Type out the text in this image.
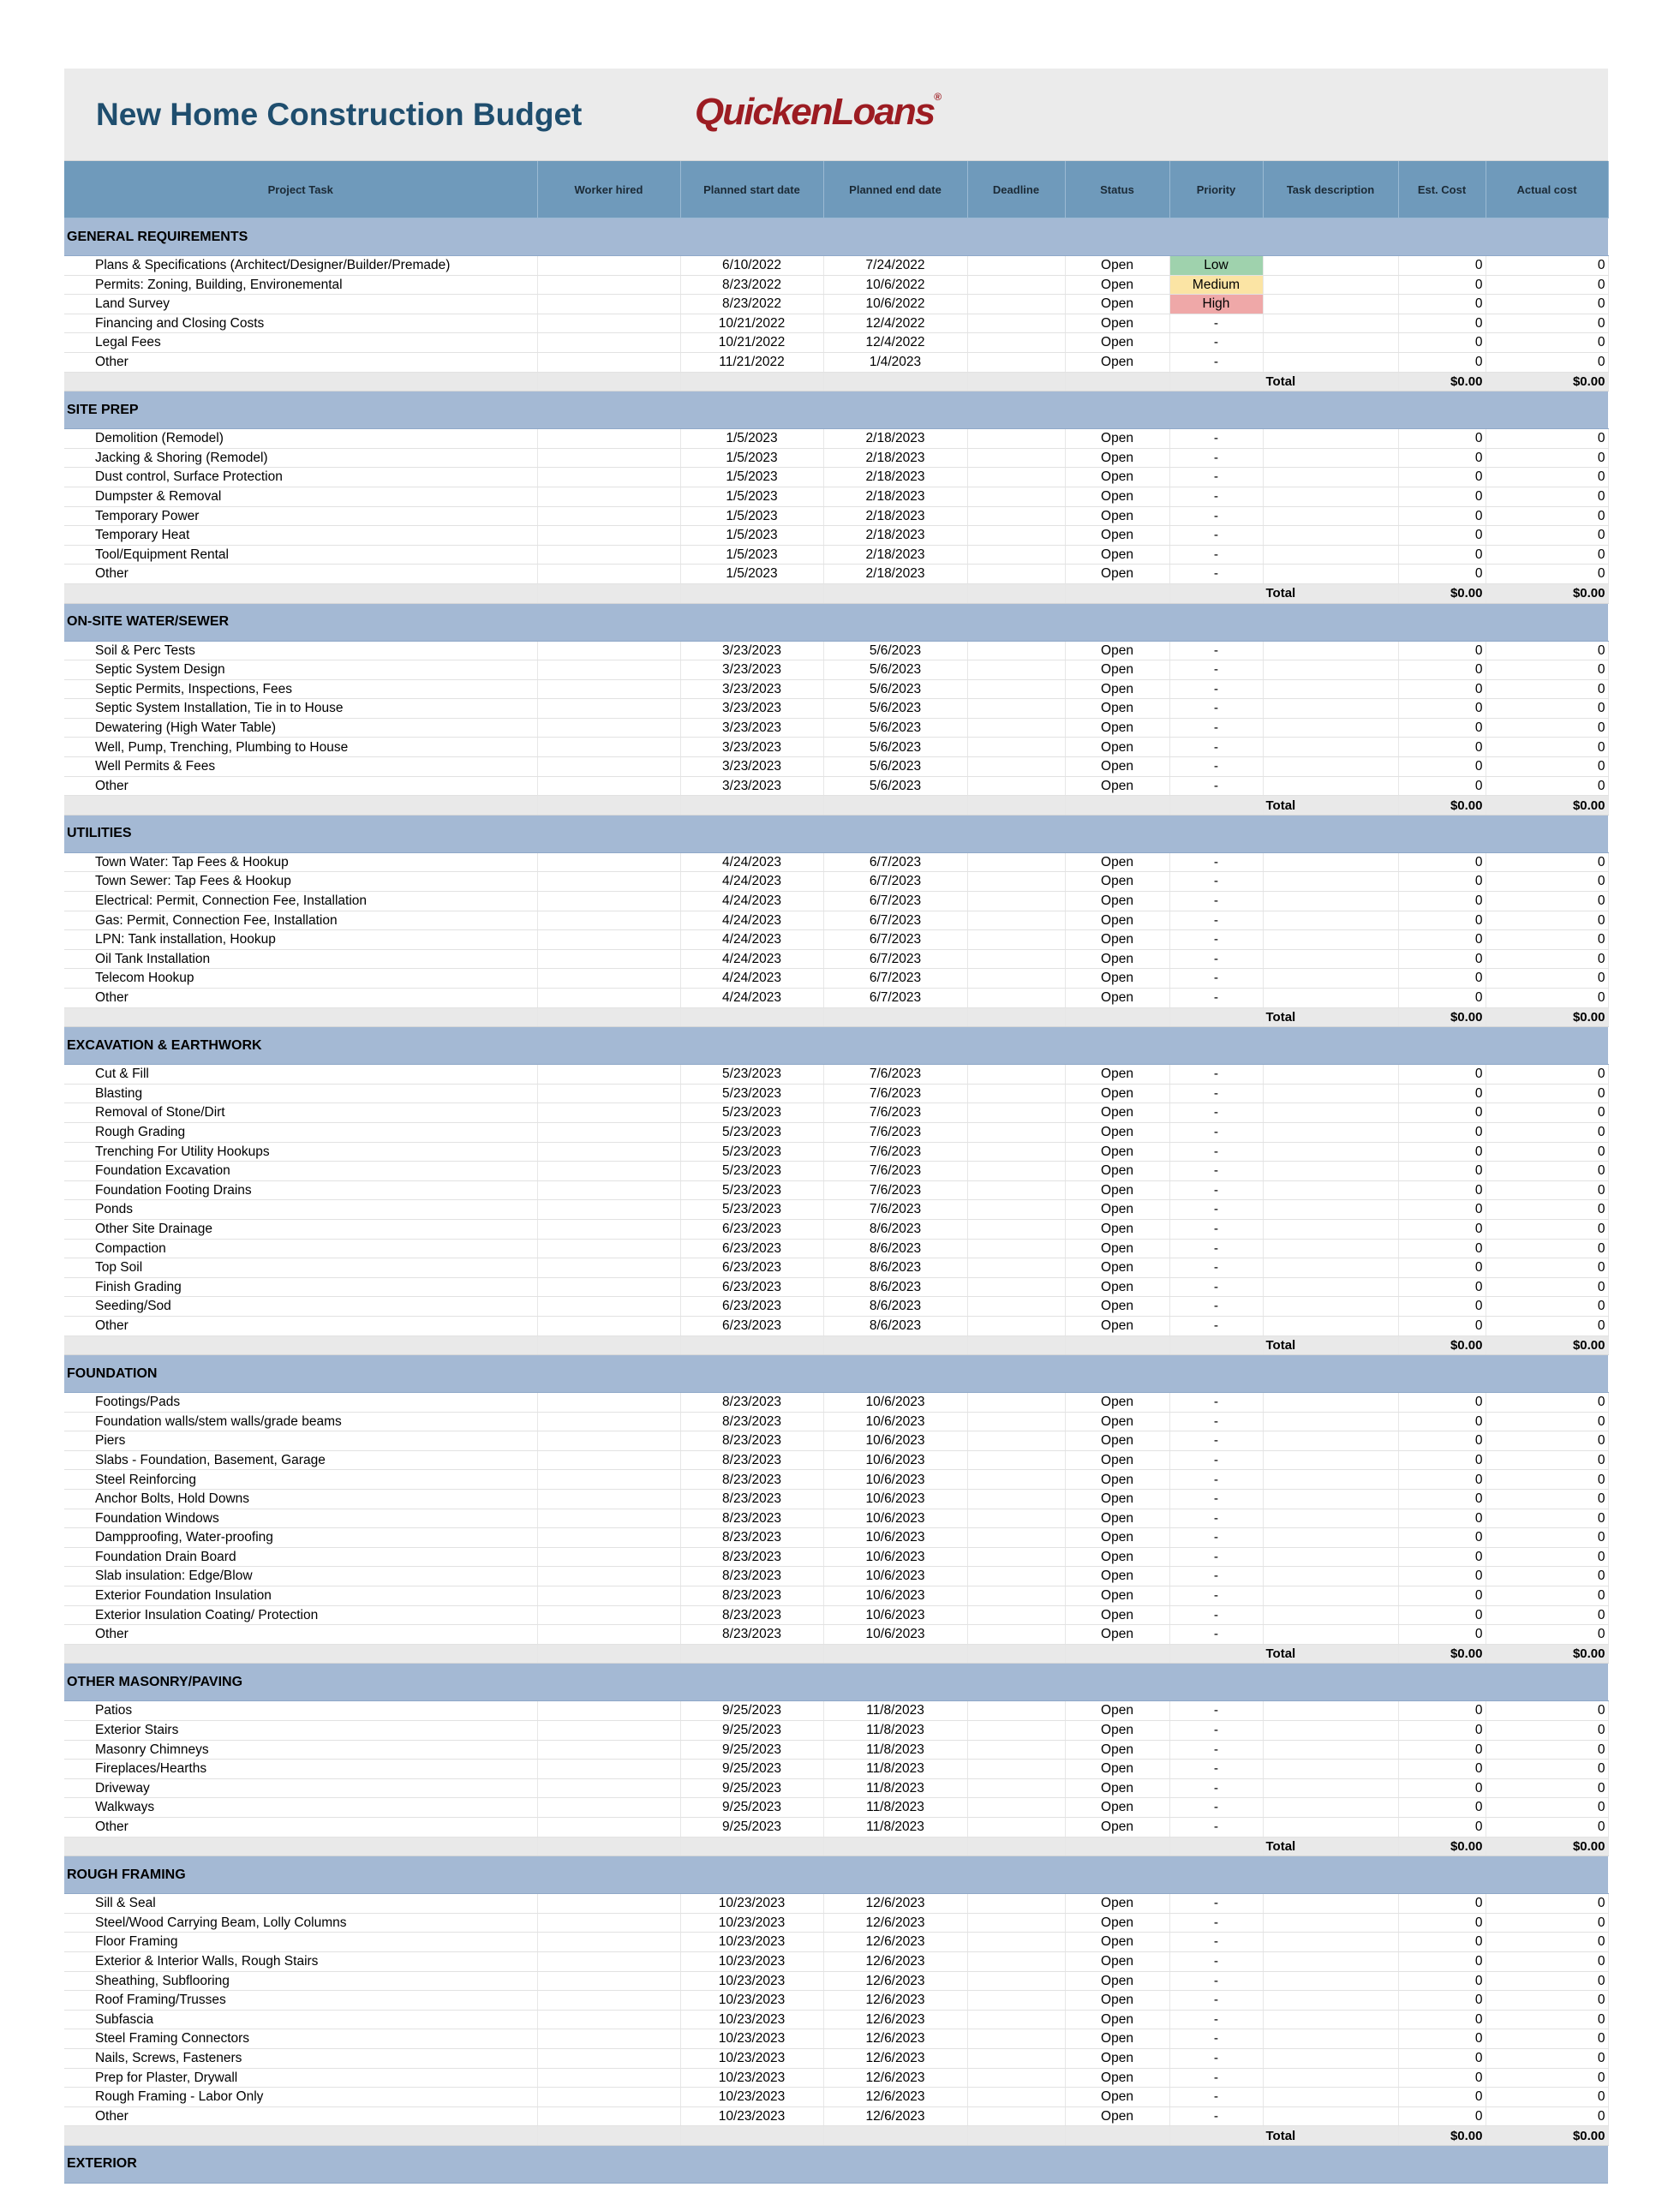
New Home Construction Budget	QuickenLoans®
Project Task	Worker hired	Planned start date	Planned end date	Deadline	Status	Priority	Task description	Est. Cost	Actual cost
GENERAL REQUIREMENTS									
Plans & Specifications (Architect/Designer/Builder/Premade)		6/10/2022	7/24/2022		Open	Low		0	0
Permits: Zoning, Building, Environemental		8/23/2022	10/6/2022		Open	Medium		0	0
Land Survey		8/23/2022	10/6/2022		Open	High		0	0
Financing and Closing Costs		10/21/2022	12/4/2022		Open	-		0	0
Legal Fees		10/21/2022	12/4/2022		Open	-		0	0
Other		11/21/2022	1/4/2023		Open	-		0	0
							Total	$0.00	$0.00
SITE PREP									
Demolition (Remodel)		1/5/2023	2/18/2023		Open	-		0	0
Jacking & Shoring (Remodel)		1/5/2023	2/18/2023		Open	-		0	0
Dust control, Surface Protection		1/5/2023	2/18/2023		Open	-		0	0
Dumpster & Removal		1/5/2023	2/18/2023		Open	-		0	0
Temporary Power		1/5/2023	2/18/2023		Open	-		0	0
Temporary Heat		1/5/2023	2/18/2023		Open	-		0	0
Tool/Equipment Rental		1/5/2023	2/18/2023		Open	-		0	0
Other		1/5/2023	2/18/2023		Open	-		0	0
							Total	$0.00	$0.00
ON-SITE WATER/SEWER									
Soil & Perc Tests		3/23/2023	5/6/2023		Open	-		0	0
Septic System Design		3/23/2023	5/6/2023		Open	-		0	0
Septic Permits, Inspections, Fees		3/23/2023	5/6/2023		Open	-		0	0
Septic System Installation, Tie in to House		3/23/2023	5/6/2023		Open	-		0	0
Dewatering (High Water Table)		3/23/2023	5/6/2023		Open	-		0	0
Well, Pump, Trenching, Plumbing to House		3/23/2023	5/6/2023		Open	-		0	0
Well Permits & Fees		3/23/2023	5/6/2023		Open	-		0	0
Other		3/23/2023	5/6/2023		Open	-		0	0
							Total	$0.00	$0.00
UTILITIES									
Town Water: Tap Fees & Hookup		4/24/2023	6/7/2023		Open	-		0	0
Town Sewer: Tap Fees & Hookup		4/24/2023	6/7/2023		Open	-		0	0
Electrical: Permit, Connection Fee, Installation		4/24/2023	6/7/2023		Open	-		0	0
Gas: Permit, Connection Fee, Installation		4/24/2023	6/7/2023		Open	-		0	0
LPN: Tank installation, Hookup		4/24/2023	6/7/2023		Open	-		0	0
Oil Tank Installation		4/24/2023	6/7/2023		Open	-		0	0
Telecom Hookup		4/24/2023	6/7/2023		Open	-		0	0
Other		4/24/2023	6/7/2023		Open	-		0	0
							Total	$0.00	$0.00
EXCAVATION & EARTHWORK									
Cut & Fill		5/23/2023	7/6/2023		Open	-		0	0
Blasting		5/23/2023	7/6/2023		Open	-		0	0
Removal of Stone/Dirt		5/23/2023	7/6/2023		Open	-		0	0
Rough Grading		5/23/2023	7/6/2023		Open	-		0	0
Trenching For Utility Hookups		5/23/2023	7/6/2023		Open	-		0	0
Foundation Excavation		5/23/2023	7/6/2023		Open	-		0	0
Foundation Footing Drains		5/23/2023	7/6/2023		Open	-		0	0
Ponds		5/23/2023	7/6/2023		Open	-		0	0
Other Site Drainage		6/23/2023	8/6/2023		Open	-		0	0
Compaction		6/23/2023	8/6/2023		Open	-		0	0
Top Soil		6/23/2023	8/6/2023		Open	-		0	0
Finish Grading		6/23/2023	8/6/2023		Open	-		0	0
Seeding/Sod		6/23/2023	8/6/2023		Open	-		0	0
Other		6/23/2023	8/6/2023		Open	-		0	0
							Total	$0.00	$0.00
FOUNDATION									
Footings/Pads		8/23/2023	10/6/2023		Open	-		0	0
Foundation walls/stem walls/grade beams		8/23/2023	10/6/2023		Open	-		0	0
Piers		8/23/2023	10/6/2023		Open	-		0	0
Slabs - Foundation, Basement, Garage		8/23/2023	10/6/2023		Open	-		0	0
Steel Reinforcing		8/23/2023	10/6/2023		Open	-		0	0
Anchor Bolts, Hold Downs		8/23/2023	10/6/2023		Open	-		0	0
Foundation Windows		8/23/2023	10/6/2023		Open	-		0	0
Dampproofing, Water-proofing		8/23/2023	10/6/2023		Open	-		0	0
Foundation Drain Board		8/23/2023	10/6/2023		Open	-		0	0
Slab insulation: Edge/Blow		8/23/2023	10/6/2023		Open	-		0	0
Exterior Foundation Insulation		8/23/2023	10/6/2023		Open	-		0	0
Exterior Insulation Coating/ Protection		8/23/2023	10/6/2023		Open	-		0	0
Other		8/23/2023	10/6/2023		Open	-		0	0
							Total	$0.00	$0.00
OTHER MASONRY/PAVING									
Patios		9/25/2023	11/8/2023		Open	-		0	0
Exterior Stairs		9/25/2023	11/8/2023		Open	-		0	0
Masonry Chimneys		9/25/2023	11/8/2023		Open	-		0	0
Fireplaces/Hearths		9/25/2023	11/8/2023		Open	-		0	0
Driveway		9/25/2023	11/8/2023		Open	-		0	0
Walkways		9/25/2023	11/8/2023		Open	-		0	0
Other		9/25/2023	11/8/2023		Open	-		0	0
							Total	$0.00	$0.00
ROUGH FRAMING									
Sill & Seal		10/23/2023	12/6/2023		Open	-		0	0
Steel/Wood Carrying Beam, Lolly Columns		10/23/2023	12/6/2023		Open	-		0	0
Floor Framing		10/23/2023	12/6/2023		Open	-		0	0
Exterior & Interior Walls, Rough Stairs		10/23/2023	12/6/2023		Open	-		0	0
Sheathing, Subflooring		10/23/2023	12/6/2023		Open	-		0	0
Roof Framing/Trusses		10/23/2023	12/6/2023		Open	-		0	0
Subfascia		10/23/2023	12/6/2023		Open	-		0	0
Steel Framing Connectors		10/23/2023	12/6/2023		Open	-		0	0
Nails, Screws, Fasteners		10/23/2023	12/6/2023		Open	-		0	0
Prep for Plaster, Drywall		10/23/2023	12/6/2023		Open	-		0	0
Rough Framing - Labor Only		10/23/2023	12/6/2023		Open	-		0	0
Other		10/23/2023	12/6/2023		Open	-		0	0
							Total	$0.00	$0.00
EXTERIOR									
